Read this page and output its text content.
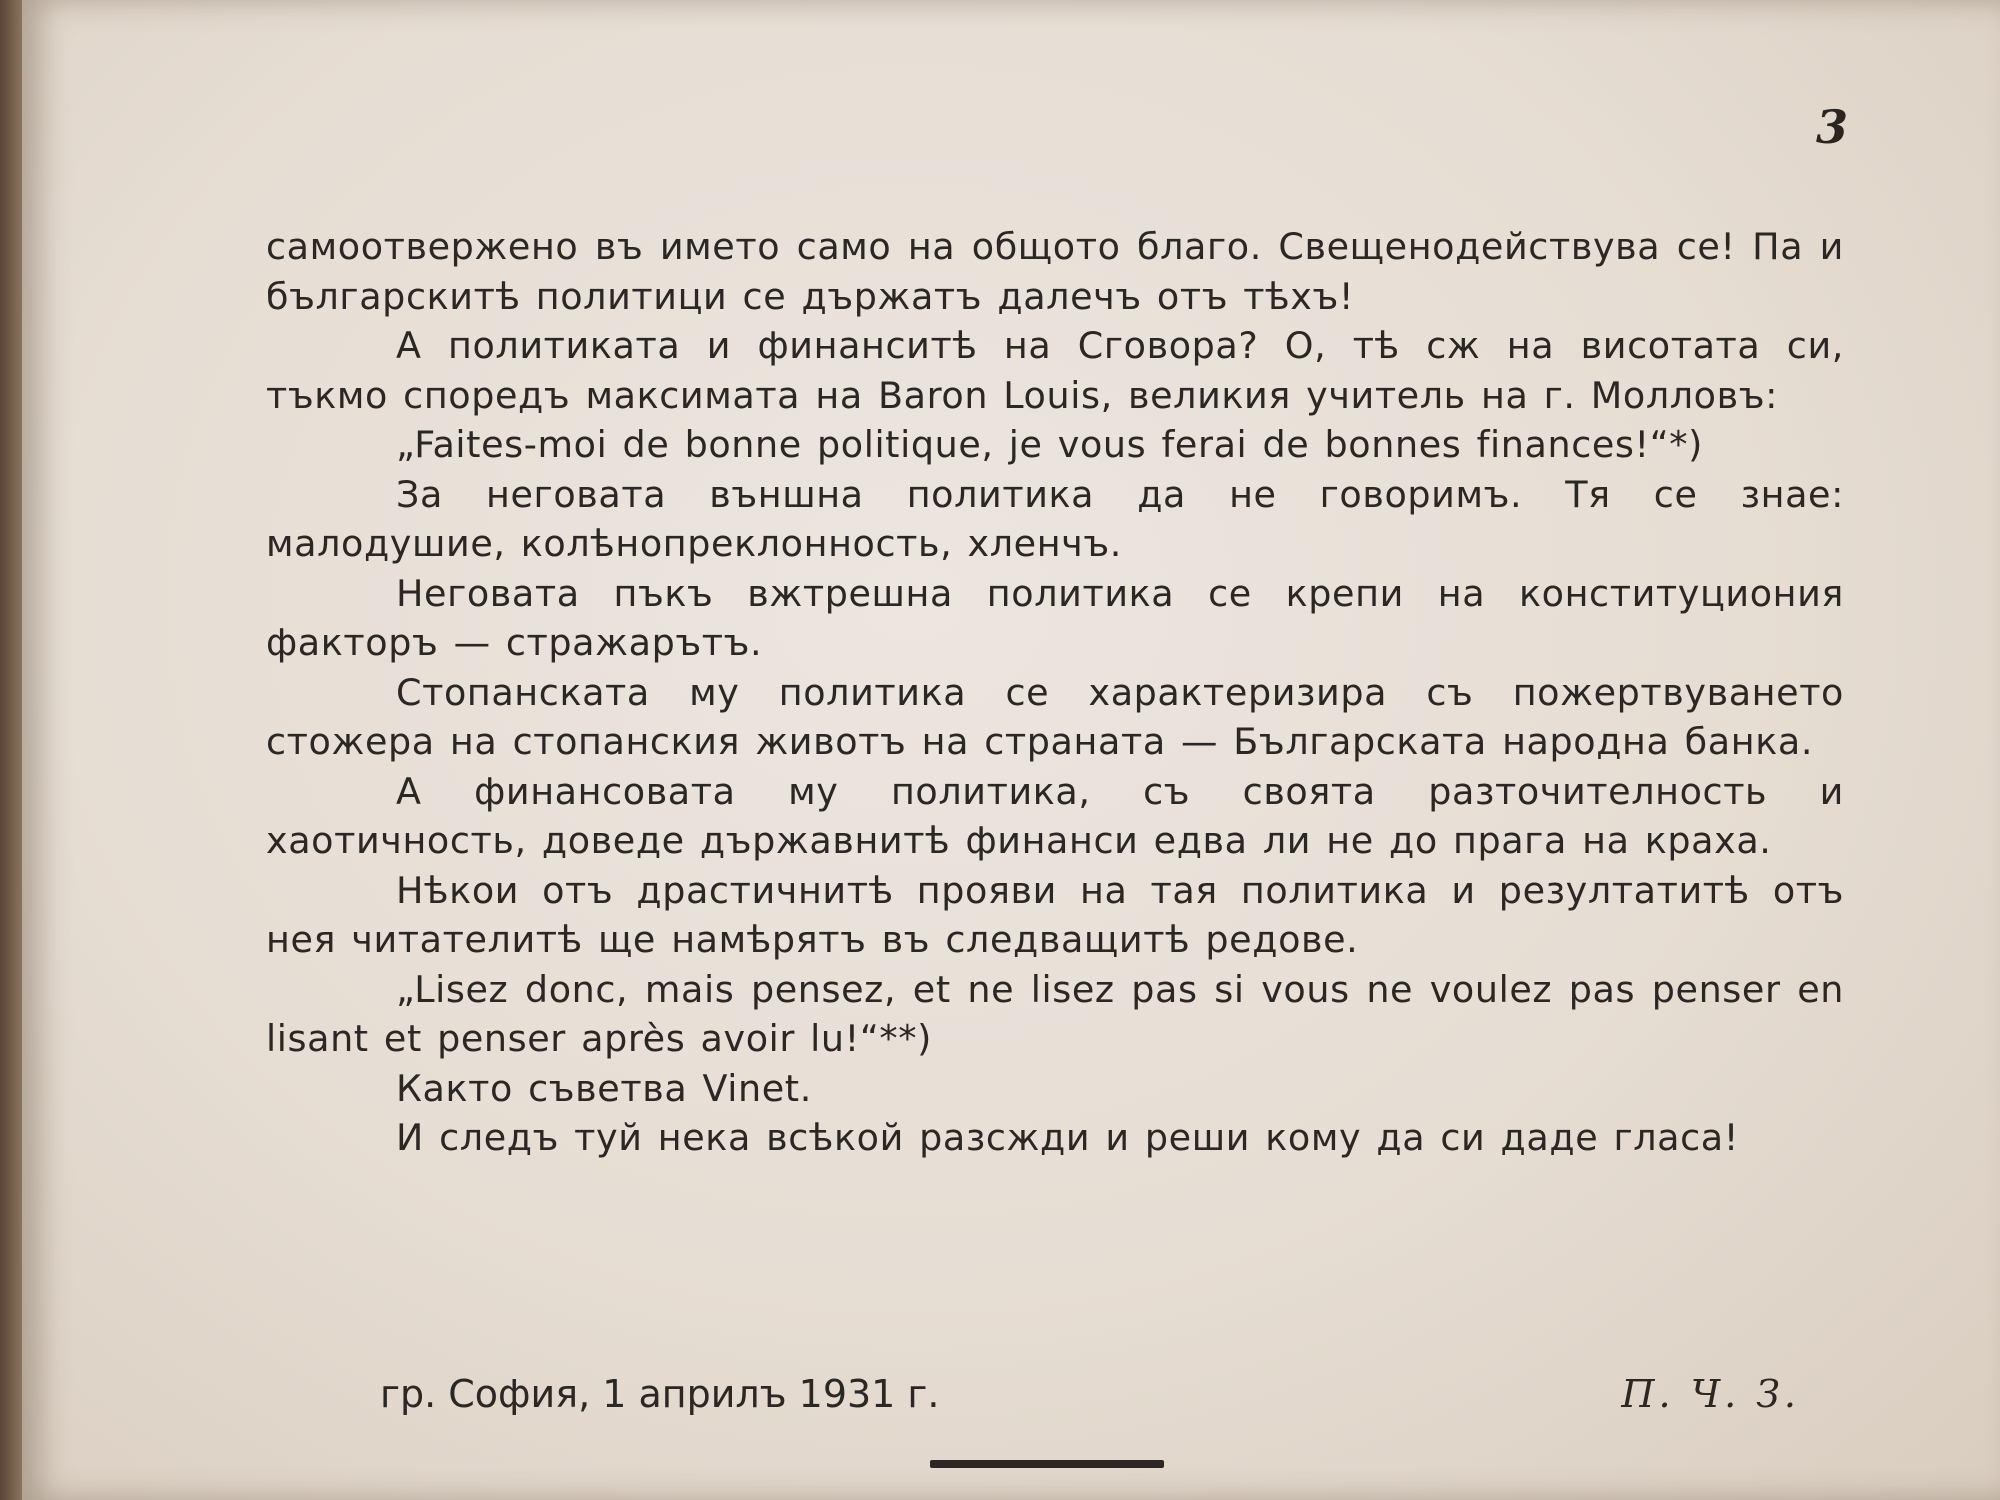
3

самоотвержено въ името само на общото благо. Свещенодействува се! Па и българскитѣ политици се държатъ далечъ отъ тѣхъ!

А политиката и финанситѣ на Сговора? О, тѣ сж на висотата си, тъкмо споредъ максимата на Baron Louis, великия учитель на г. Молловъ:

„Faites-moi de bonne politique, je vous ferai de bonnes finances!“*)

За неговата външна политика да не говоримъ. Тя се знае: малодушие, колѣнопреклонность, хленчъ.

Неговата пъкъ вжтрешна политика се крепи на конституциония факторъ — стражарътъ.

Стопанската му политика се характеризира съ пожертвуването стожера на стопанския животъ на страната — Българската народна банка.

А финансовата му политика, съ своята разточителность и хаотичность, доведе държавнитѣ финанси едва ли не до прага на краха.

Нѣкои отъ драстичнитѣ прояви на тая политика и резултатитѣ отъ нея читателитѣ ще намѣрятъ въ следващитѣ редове.

„Lisez donc, mais pensez, et ne lisez pas si vous ne voulez pas penser en lisant et penser après avoir lu!“**)

Както съветва Vinet.

И следъ туй нека всѣкой разсжди и реши кому да си даде гласа!

гр. София, 1 априлъ 1931 г.	П. Ч. З.
